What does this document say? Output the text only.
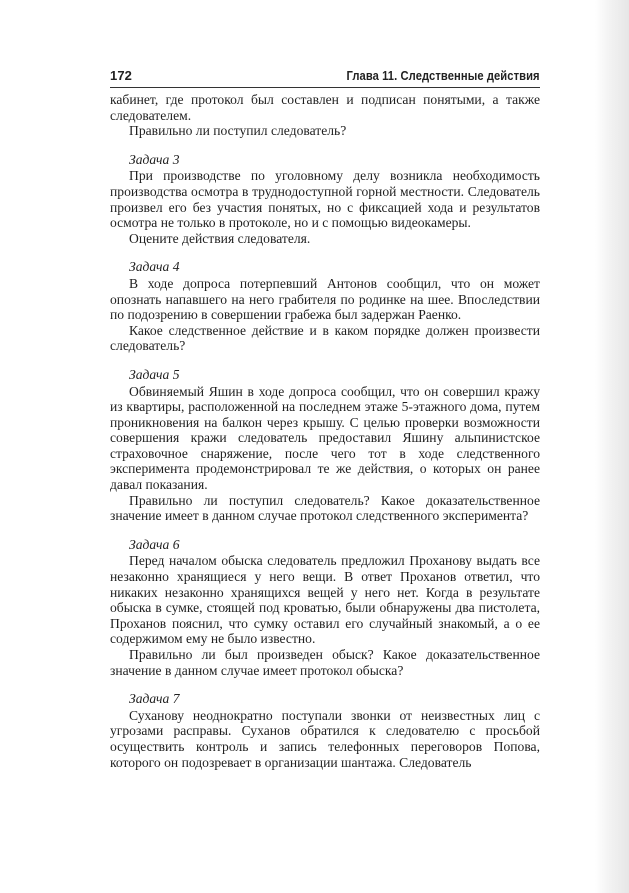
172	Глава 11. Следственные действия

кабинет, где протокол был составлен и подписан понятыми, а также следователем.

Правильно ли поступил следователь?

Задача 3

При производстве по уголовному делу возникла необходимость производства осмотра в труднодоступной горной местности. Следователь произвел его без участия понятых, но с фиксацией хода и результатов осмотра не только в протоколе, но и с помощью видеокамеры.

Оцените действия следователя.

Задача 4

В ходе допроса потерпевший Антонов сообщил, что он может опознать напавшего на него грабителя по родинке на шее. Впоследствии по подозрению в совершении грабежа был задержан Раенко.

Какое следственное действие и в каком порядке должен произвести следователь?

Задача 5

Обвиняемый Яшин в ходе допроса сообщил, что он совершил кражу из квартиры, расположенной на последнем этаже 5-этажного дома, путем проникновения на балкон через крышу. С целью проверки возможности совершения кражи следователь предоставил Яшину альпинистское страховочное снаряжение, после чего тот в ходе следственного эксперимента продемонстрировал те же действия, о которых он ранее давал показания.

Правильно ли поступил следователь? Какое доказательственное значение имеет в данном случае протокол следственного эксперимента?

Задача 6

Перед началом обыска следователь предложил Проханову выдать все незаконно хранящиеся у него вещи. В ответ Проханов ответил, что никаких незаконно хранящихся вещей у него нет. Когда в результате обыска в сумке, стоящей под кроватью, были обнаружены два пистолета, Проханов пояснил, что сумку оставил его случайный знакомый, а о ее содержимом ему не было известно.

Правильно ли был произведен обыск? Какое доказательственное значение в данном случае имеет протокол обыска?

Задача 7

Суханову неоднократно поступали звонки от неизвестных лиц с угрозами расправы. Суханов обратился к следователю с просьбой осуществить контроль и запись телефонных переговоров Попова, которого он подозревает в организации шантажа. Следователь
